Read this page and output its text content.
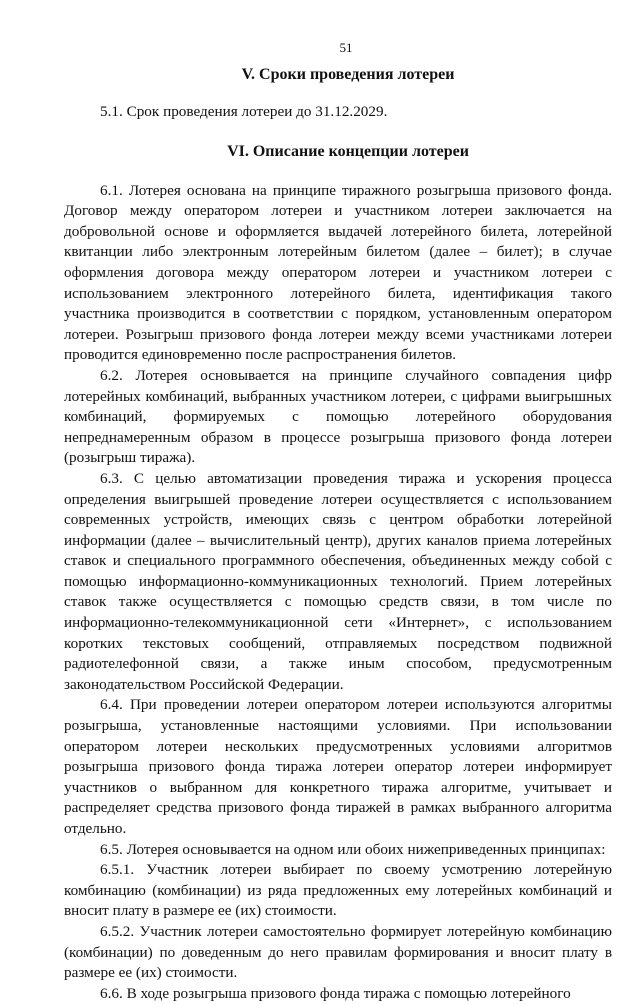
51
V. Сроки проведения лотереи

5.1. Срок проведения лотереи до 31.12.2029.

VI. Описание концепции лотереи

6.1. Лотерея основана на принципе тиражного розыгрыша призового фонда. Договор между оператором лотереи и участником лотереи заключается на добровольной основе и оформляется выдачей лотерейного билета, лотерейной квитанции либо электронным лотерейным билетом (далее – билет); в случае оформления договора между оператором лотереи и участником лотереи с использованием электронного лотерейного билета, идентификация такого участника производится в соответствии с порядком, установленным оператором лотереи. Розыгрыш призового фонда лотереи между всеми участниками лотереи проводится единовременно после распространения билетов.

6.2. Лотерея основывается на принципе случайного совпадения цифр лотерейных комбинаций, выбранных участником лотереи, с цифрами выигрышных комбинаций, формируемых с помощью лотерейного оборудования непреднамеренным образом в процессе розыгрыша призового фонда лотереи (розыгрыш тиража).

6.3. С целью автоматизации проведения тиража и ускорения процесса определения выигрышей проведение лотереи осуществляется с использованием современных устройств, имеющих связь с центром обработки лотерейной информации (далее – вычислительный центр), других каналов приема лотерейных ставок и специального программного обеспечения, объединенных между собой с помощью информационно-коммуникационных технологий. Прием лотерейных ставок также осуществляется с помощью средств связи, в том числе по информационно-телекоммуникационной сети «Интернет», с использованием коротких текстовых сообщений, отправляемых посредством подвижной радиотелефонной связи, а также иным способом, предусмотренным законодательством Российской Федерации.

6.4. При проведении лотереи оператором лотереи используются алгоритмы розыгрыша, установленные настоящими условиями. При использовании оператором лотереи нескольких предусмотренных условиями алгоритмов розыгрыша призового фонда тиража лотереи оператор лотереи информирует участников о выбранном для конкретного тиража алгоритме, учитывает и распределяет средства призового фонда тиражей в рамках выбранного алгоритма отдельно.

6.5. Лотерея основывается на одном или обоих нижеприведенных принципах:

6.5.1. Участник лотереи выбирает по своему усмотрению лотерейную комбинацию (комбинации) из ряда предложенных ему лотерейных комбинаций и вносит плату в размере ее (их) стоимости.

6.5.2. Участник лотереи самостоятельно формирует лотерейную комбинацию (комбинации) по доведенным до него правилам формирования и вносит плату в размере ее (их) стоимости.

6.6. В ходе розыгрыша призового фонда тиража с помощью лотерейного
